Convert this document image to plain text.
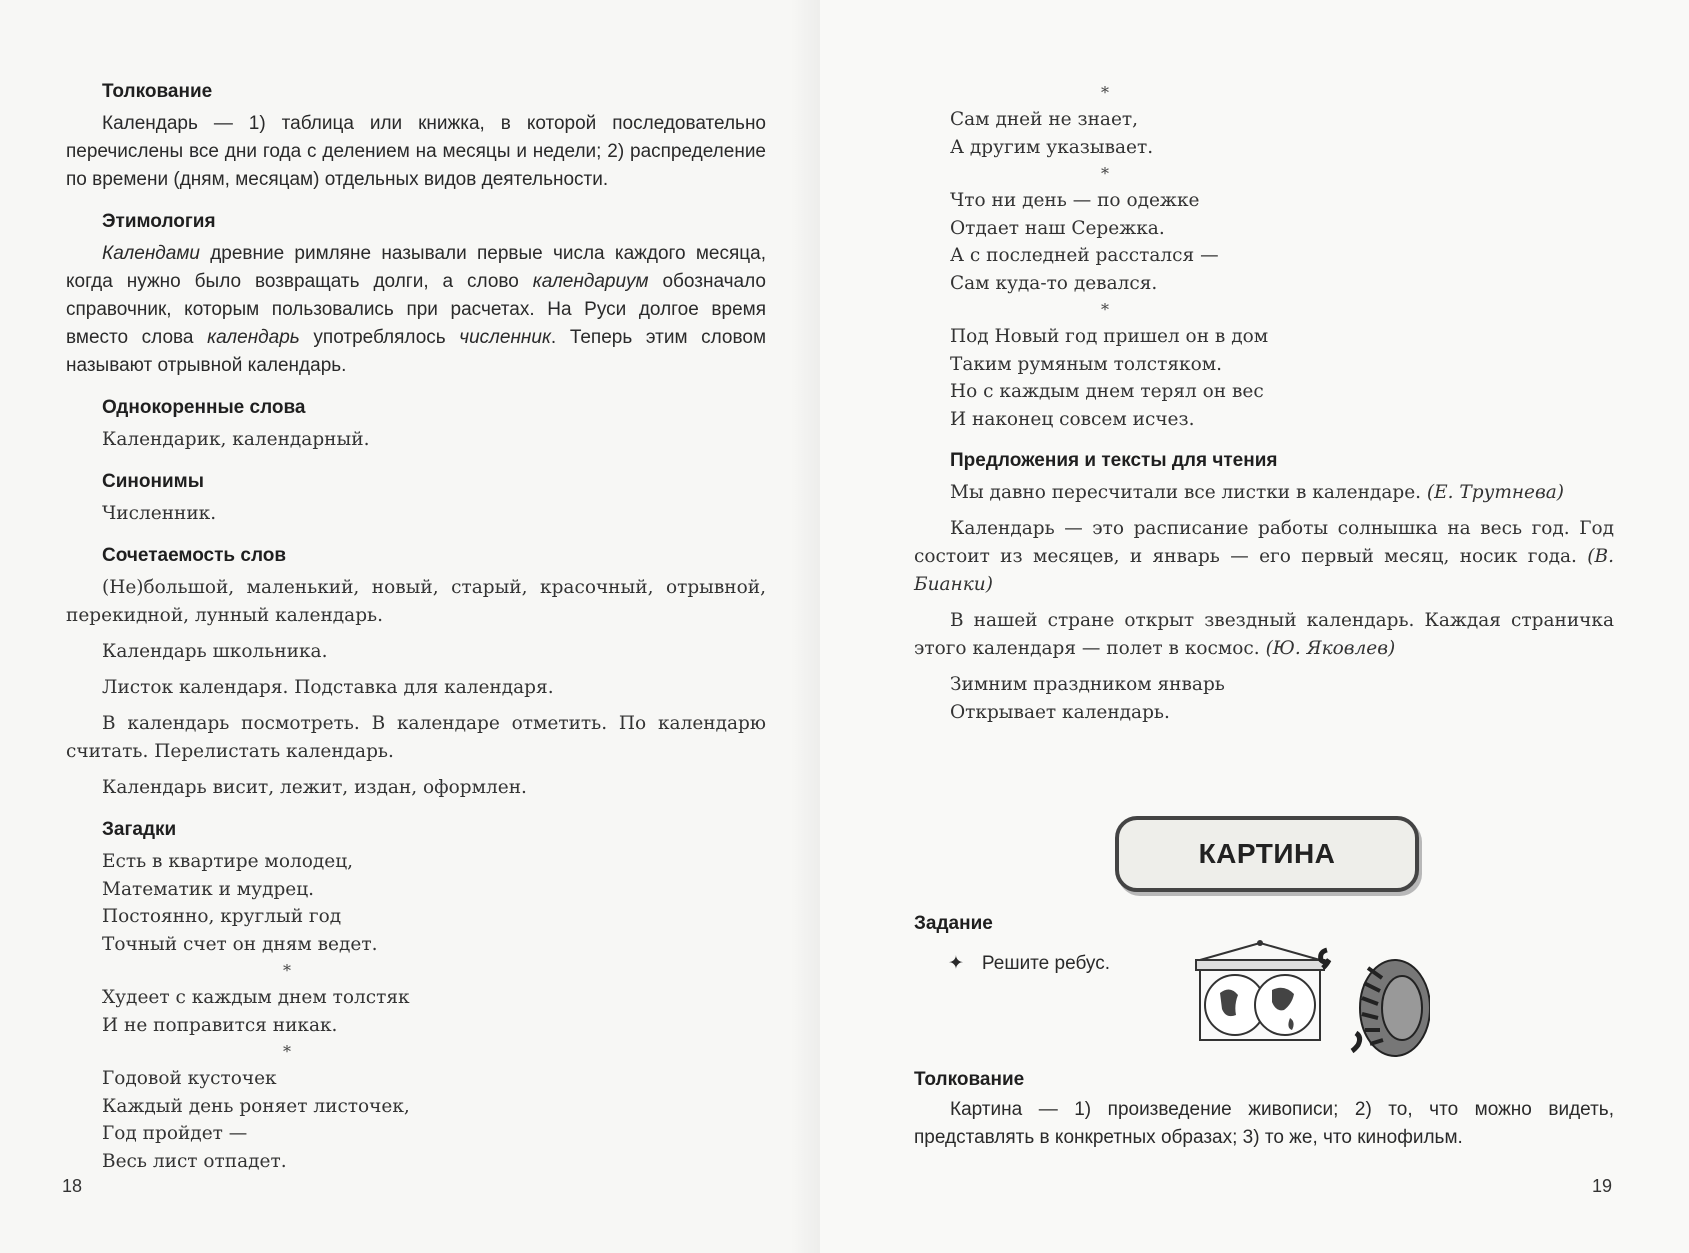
Толкование

Календарь — 1) таблица или книжка, в которой последовательно перечислены все дни года с делением на месяцы и недели; 2) распределение по времени (дням, месяцам) отдельных видов деятельности.

Этимология

Календами древние римляне называли первые числа каждого месяца, когда нужно было возвращать долги, а слово календариум обозначало справочник, которым пользовались при расчетах. На Руси долгое время вместо слова календарь употреблялось численник. Теперь этим словом называют отрывной календарь.

Однокоренные слова

Календарик, календарный.

Синонимы

Численник.

Сочетаемость слов

(Не)большой, маленький, новый, старый, красочный, отрывной, перекидной, лунный календарь.

Календарь школьника.

Листок календаря. Подставка для календаря.

В календарь посмотреть. В календаре отметить. По календарю считать. Перелистать календарь.

Календарь висит, лежит, издан, оформлен.

Загадки
Есть в квартире молодец,
Математик и мудрец.
Постоянно, круглый год
Точный счет он дням ведет.
*
Худеет с каждым днем толстяк
И не поправится никак.
*
Годовой кусточек
Каждый день роняет листочек,
Год пройдет —
Весь лист отпадет.
18
*
Сам дней не знает,
А другим указывает.
*
Что ни день — по одежке
Отдает наш Сережка.
А с последней расстался —
Сам куда-то девался.
*
Под Новый год пришел он в дом
Таким румяным толстяком.
Но с каждым днем терял он вес
И наконец совсем исчез.
Предложения и тексты для чтения

Мы давно пересчитали все листки в календаре. (Е. Трутнева)

Календарь — это расписание работы солнышка на весь год. Год состоит из месяцев, и январь — его первый месяц, носик года. (В. Бианки)

В нашей стране открыт звездный календарь. Каждая страничка этого календаря — полет в космос. (Ю. Яковлев)

Зимним праздником январь
Открывает календарь.
КАРТИНА
Задание
✦ Решите ребус.
Толкование

Картина — 1) произведение живописи; 2) то, что можно видеть, представлять в конкретных образах; 3) то же, что кинофильм.

19
